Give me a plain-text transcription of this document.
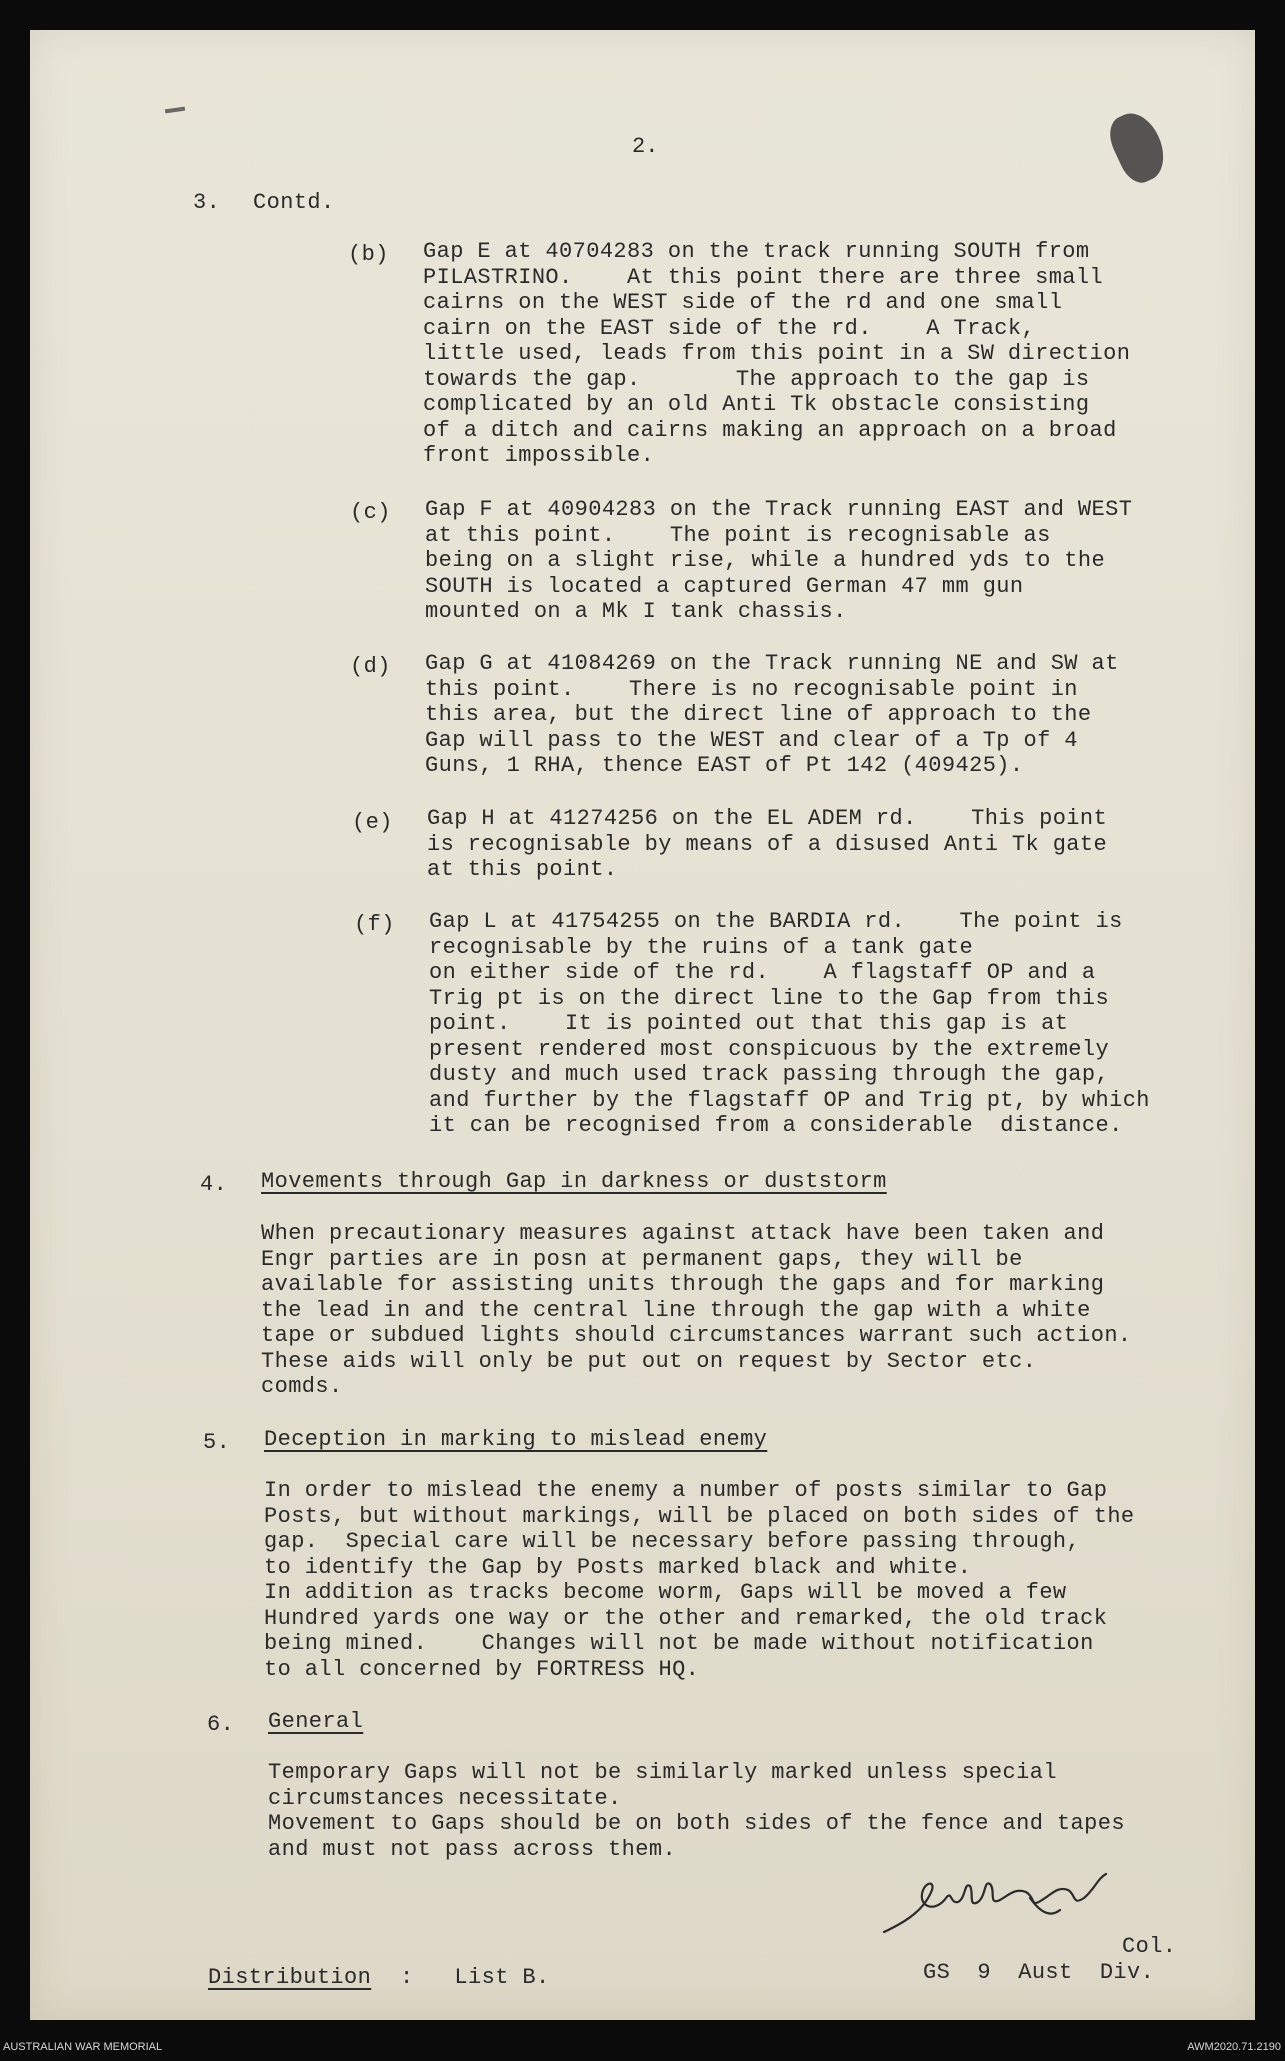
2.
3. Contd.
(b) Gap E at 40704283 on the track running SOUTH from
PILASTRINO.    At this point there are three small
cairns on the WEST side of the rd and one small
cairn on the EAST side of the rd.    A Track,
little used, leads from this point in a SW direction
towards the gap.       The approach to the gap is
complicated by an old Anti Tk obstacle consisting
of a ditch and cairns making an approach on a broad
front impossible.
(c) Gap F at 40904283 on the Track running EAST and WEST
at this point.    The point is recognisable as
being on a slight rise, while a hundred yds to the
SOUTH is located a captured German 47 mm gun
mounted on a Mk I tank chassis.
(d) Gap G at 41084269 on the Track running NE and SW at
this point.    There is no recognisable point in
this area, but the direct line of approach to the
Gap will pass to the WEST and clear of a Tp of 4
Guns, 1 RHA, thence EAST of Pt 142 (409425).
(e) Gap H at 41274256 on the EL ADEM rd.    This point
is recognisable by means of a disused Anti Tk gate
at this point.
(f) Gap L at 41754255 on the BARDIA rd.    The point is
recognisable by the ruins of a tank gate
on either side of the rd.    A flagstaff OP and a
Trig pt is on the direct line to the Gap from this
point.    It is pointed out that this gap is at
present rendered most conspicuous by the extremely
dusty and much used track passing through the gap,
and further by the flagstaff OP and Trig pt, by which
it can be recognised from a considerable  distance.
4. Movements through Gap in darkness or duststorm
When precautionary measures against attack have been taken and
Engr parties are in posn at permanent gaps, they will be
available for assisting units through the gaps and for marking
the lead in and the central line through the gap with a white
tape or subdued lights should circumstances warrant such action.
These aids will only be put out on request by Sector etc.
comds.
5. Deception in marking to mislead enemy
In order to mislead the enemy a number of posts similar to Gap
Posts, but without markings, will be placed on both sides of the
gap.  Special care will be necessary before passing through,
to identify the Gap by Posts marked black and white.
In addition as tracks become worm, Gaps will be moved a few
Hundred yards one way or the other and remarked, the old track
being mined.    Changes will not be made without notification
to all concerned by FORTRESS HQ.
6. General
Temporary Gaps will not be similarly marked unless special
circumstances necessitate.
Movement to Gaps should be on both sides of the fence and tapes
and must not pass across them.
Col.
GS  9  Aust  Div.
Distribution :   List B.
AUSTRALIAN WAR MEMORIAL	AWM2020.71.2190
